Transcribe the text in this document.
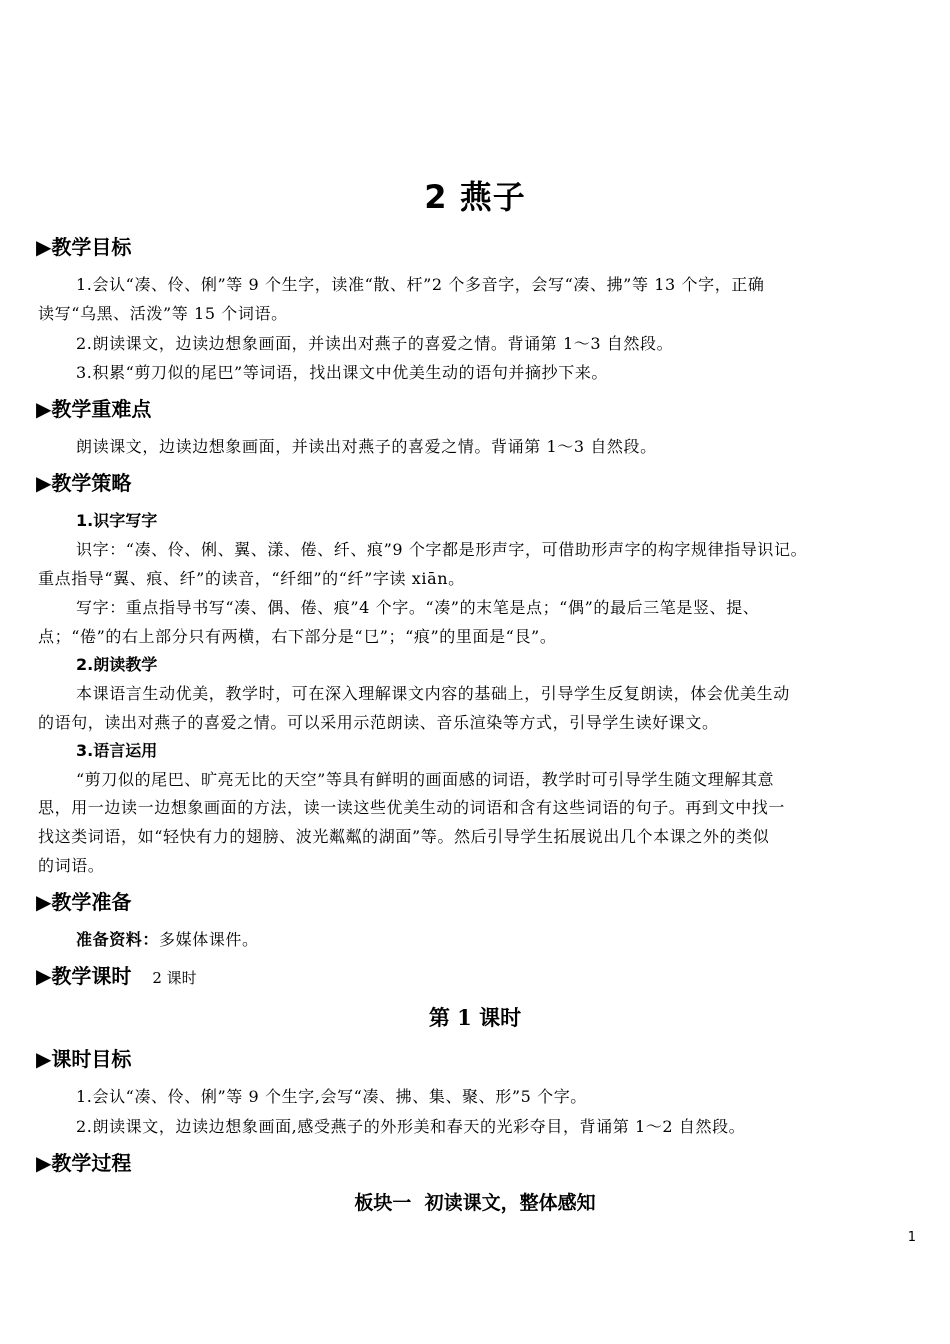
2 燕子
▶教学目标
1.会认“凑、伶、俐”等 9 个生字，读准“散、杆”2 个多音字，会写“凑、拂”等 13 个字，正确
读写“乌黑、活泼”等 15 个词语。
2.朗读课文，边读边想象画面，并读出对燕子的喜爱之情。背诵第 1～3 自然段。
3.积累“剪刀似的尾巴”等词语，找出课文中优美生动的语句并摘抄下来。
▶教学重难点
朗读课文，边读边想象画面，并读出对燕子的喜爱之情。背诵第 1～3 自然段。
▶教学策略
1.识字写字
识字：“凑、伶、俐、翼、漾、倦、纤、痕”9 个字都是形声字，可借助形声字的构字规律指导识记。
重点指导“翼、痕、纤”的读音，“纤细”的“纤”字读 xiān。
写字：重点指导书写“凑、偶、倦、痕”4 个字。“凑”的末笔是点；“偶”的最后三笔是竖、提、
点；“倦”的右上部分只有两横，右下部分是“㔾”；“痕”的里面是“艮”。
2.朗读教学
本课语言生动优美，教学时，可在深入理解课文内容的基础上，引导学生反复朗读，体会优美生动
的语句，读出对燕子的喜爱之情。可以采用示范朗读、音乐渲染等方式，引导学生读好课文。
3.语言运用
“剪刀似的尾巴、旷亮无比的天空”等具有鲜明的画面感的词语，教学时可引导学生随文理解其意
思，用一边读一边想象画面的方法，读一读这些优美生动的词语和含有这些词语的句子。再到文中找一
找这类词语，如“轻快有力的翅膀、波光粼粼的湖面”等。然后引导学生拓展说出几个本课之外的类似
的词语。
▶教学准备
准备资料：多媒体课件。
▶教学课时 2 课时
第 1 课时
▶课时目标
1.会认“凑、伶、俐”等 9 个生字,会写“凑、拂、集、聚、形”5 个字。
2.朗读课文，边读边想象画面,感受燕子的外形美和春天的光彩夺目，背诵第 1～2 自然段。
▶教学过程
板块一  初读课文，整体感知
1
